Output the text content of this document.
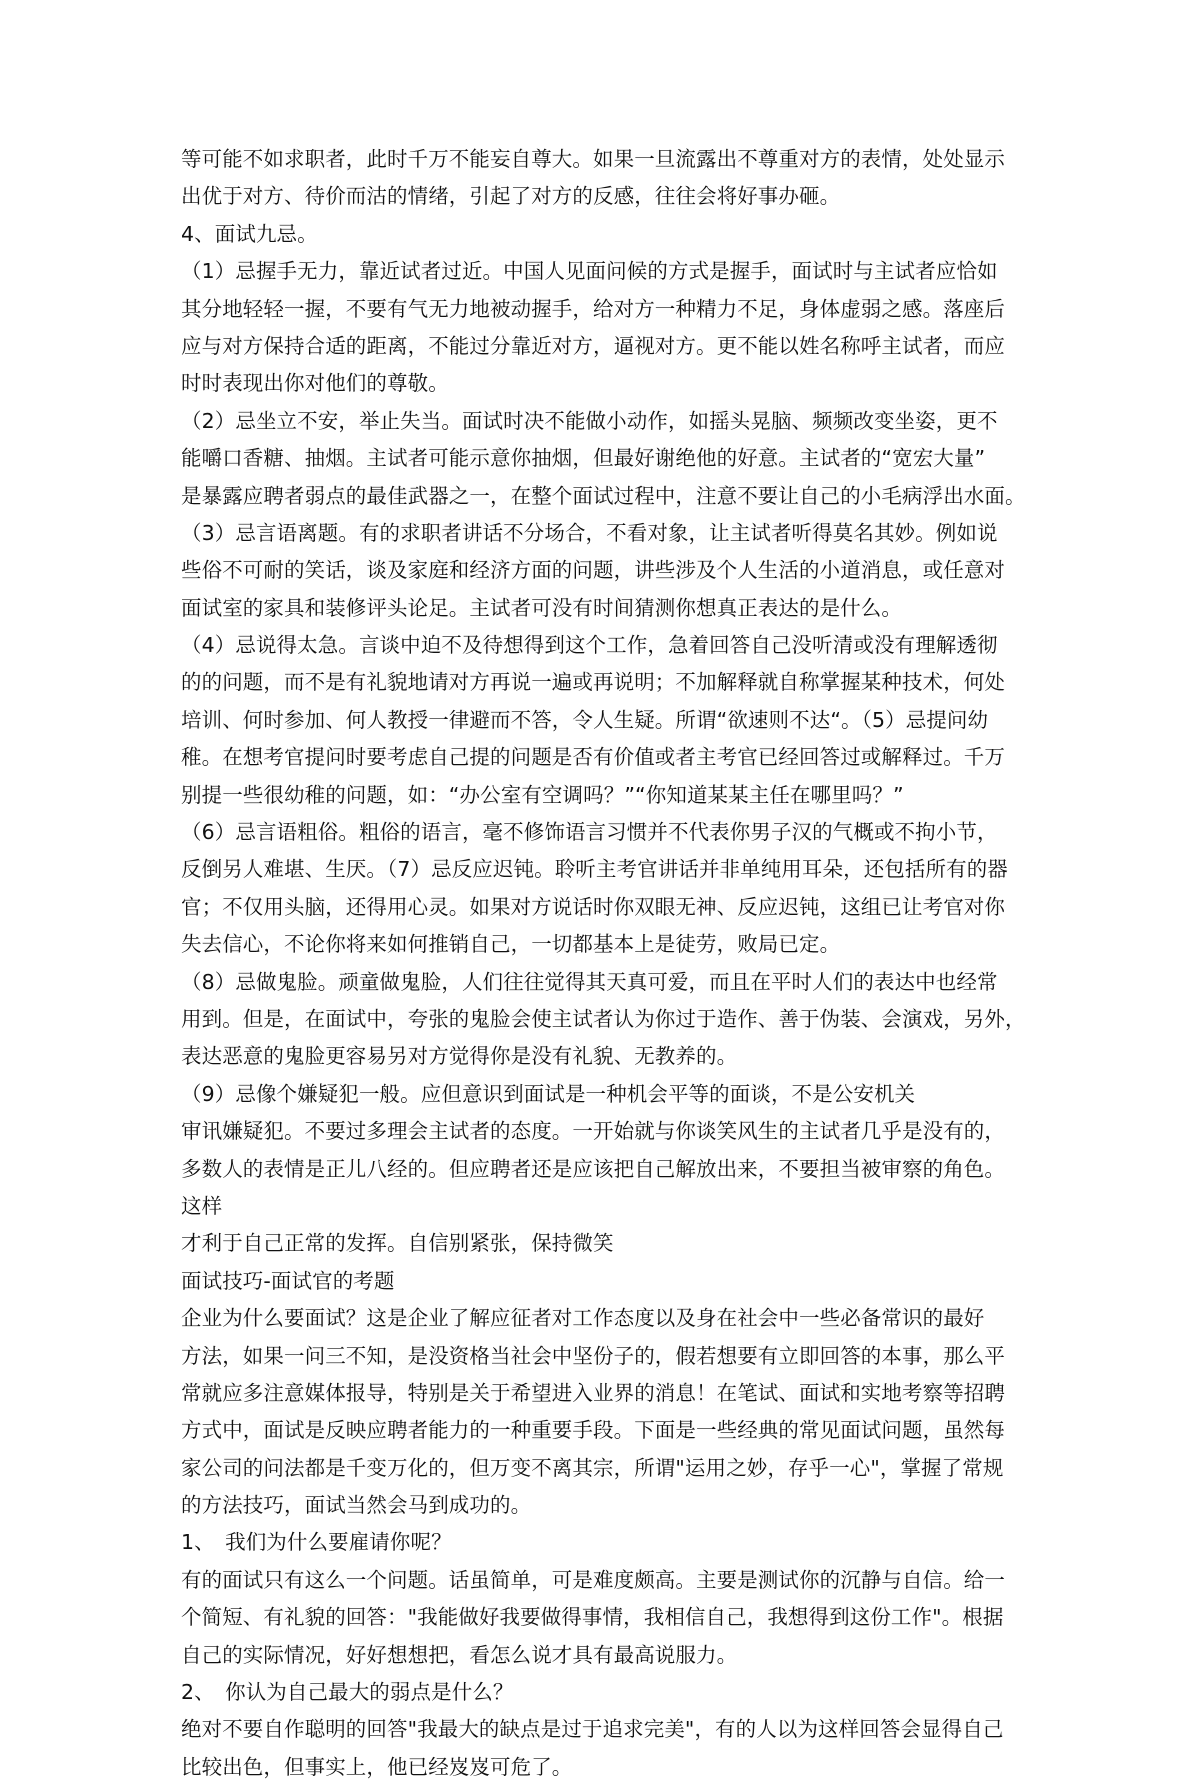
等可能不如求职者，此时千万不能妄自尊大。如果一旦流露出不尊重对方的表情，处处显示
出优于对方、待价而沽的情绪，引起了对方的反感，往往会将好事办砸。
4、面试九忌。
（1）忌握手无力，靠近试者过近。中国人见面问候的方式是握手，面试时与主试者应恰如
其分地轻轻一握，不要有气无力地被动握手，给对方一种精力不足，身体虚弱之感。落座后
应与对方保持合适的距离，不能过分靠近对方，逼视对方。更不能以姓名称呼主试者，而应
时时表现出你对他们的尊敬。
（2）忌坐立不安，举止失当。面试时决不能做小动作，如摇头晃脑、频频改变坐姿，更不
能嚼口香糖、抽烟。主试者可能示意你抽烟，但最好谢绝他的好意。主试者的“宽宏大量”
是暴露应聘者弱点的最佳武器之一，在整个面试过程中，注意不要让自己的小毛病浮出水面。
（3）忌言语离题。有的求职者讲话不分场合，不看对象，让主试者听得莫名其妙。例如说
些俗不可耐的笑话，谈及家庭和经济方面的问题，讲些涉及个人生活的小道消息，或任意对
面试室的家具和装修评头论足。主试者可没有时间猜测你想真正表达的是什么。
（4）忌说得太急。言谈中迫不及待想得到这个工作，急着回答自己没听清或没有理解透彻
的的问题，而不是有礼貌地请对方再说一遍或再说明；不加解释就自称掌握某种技术，何处
培训、何时参加、何人教授一律避而不答，令人生疑。所谓“欲速则不达“。（5）忌提问幼
稚。在想考官提问时要考虑自己提的问题是否有价值或者主考官已经回答过或解释过。千万
别提一些很幼稚的问题，如：“办公室有空调吗？”“你知道某某主任在哪里吗？”
（6）忌言语粗俗。粗俗的语言，毫不修饰语言习惯并不代表你男子汉的气概或不拘小节，
反倒另人难堪、生厌。（7）忌反应迟钝。聆听主考官讲话并非单纯用耳朵，还包括所有的器
官；不仅用头脑，还得用心灵。如果对方说话时你双眼无神、反应迟钝，这组已让考官对你
失去信心，不论你将来如何推销自己，一切都基本上是徒劳，败局已定。
（8）忌做鬼脸。顽童做鬼脸，人们往往觉得其天真可爱，而且在平时人们的表达中也经常
用到。但是，在面试中，夸张的鬼脸会使主试者认为你过于造作、善于伪装、会演戏，另外，
表达恶意的鬼脸更容易另对方觉得你是没有礼貌、无教养的。
（9）忌像个嫌疑犯一般。应但意识到面试是一种机会平等的面谈，不是公安机关
审讯嫌疑犯。不要过多理会主试者的态度。一开始就与你谈笑风生的主试者几乎是没有的，
多数人的表情是正儿八经的。但应聘者还是应该把自己解放出来，不要担当被审察的角色。
这样
才利于自己正常的发挥。自信别紧张，保持微笑
面试技巧-面试官的考题
企业为什么要面试？这是企业了解应征者对工作态度以及身在社会中一些必备常识的最好
方法，如果一问三不知，是没资格当社会中坚份子的，假若想要有立即回答的本事，那么平
常就应多注意媒体报导，特别是关于希望进入业界的消息！在笔试、面试和实地考察等招聘
方式中，面试是反映应聘者能力的一种重要手段。下面是一些经典的常见面试问题，虽然每
家公司的问法都是千变万化的，但万变不离其宗，所谓"运用之妙，存乎一心"，掌握了常规
的方法技巧，面试当然会马到成功的。
1、　我们为什么要雇请你呢？
有的面试只有这么一个问题。话虽简单，可是难度颇高。主要是测试你的沉静与自信。给一
个简短、有礼貌的回答："我能做好我要做得事情，我相信自己，我想得到这份工作"。根据
自己的实际情况，好好想想把，看怎么说才具有最高说服力。
2、　你认为自己最大的弱点是什么？
绝对不要自作聪明的回答"我最大的缺点是过于追求完美"，有的人以为这样回答会显得自己
比较出色，但事实上，他已经岌岌可危了。
